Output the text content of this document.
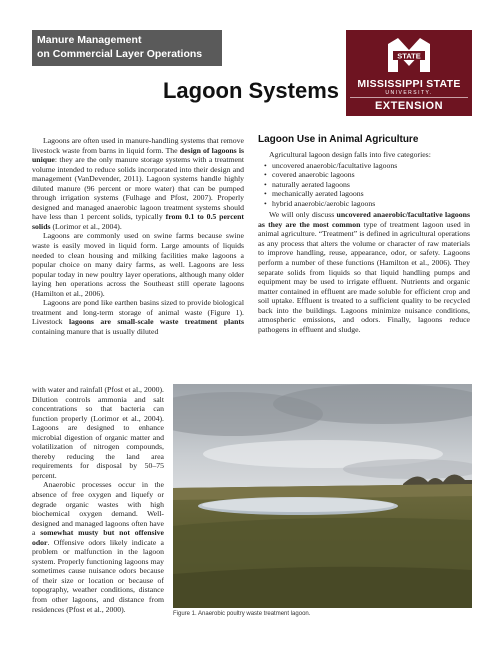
Manure Management
on Commercial Layer Operations	STATE
MISSISSIPPI STATE
UNIVERSITY.
EXTENSION
Lagoon Systems

Lagoons are often used in manure-handling systems that remove livestock waste from barns in liquid form. The design of lagoons is unique: they are the only manure storage systems with a treatment volume intended to reduce solids incorporated into their design and management (VanDevender, 2011). Lagoon systems handle highly diluted manure (96 percent or more water) that can be pumped through irrigation systems (Fulhage and Pfost, 2007). Properly designed and managed anaerobic lagoon treatment systems should have less than 1 percent solids, typically from 0.1 to 0.5 percent solids (Lorimor et al., 2004).

Lagoons are commonly used on swine farms because swine waste is easily moved in liquid form. Large amounts of liquids needed to clean housing and milking facilities make lagoons a popular choice on many dairy farms, as well. Lagoons are less popular today in new poultry layer operations, although many older laying hen operations across the Southeast still operate lagoons (Hamilton et al., 2006).

Lagoons are pond like earthen basins sized to provide biological treatment and long-term storage of animal waste (Figure 1). Livestock lagoons are small-scale waste treatment plants containing manure that is usually diluted

with water and rainfall (Pfost et al., 2000). Dilution controls ammonia and salt concentrations so that bacteria can function properly (Lorimor et al., 2004). Lagoons are designed to enhance microbial digestion of organic matter and volatilization of nitrogen compounds, thereby reducing the land area requirements for disposal by 50–75 percent.

Anaerobic processes occur in the absence of free oxygen and liquefy or degrade organic wastes with high biochemical oxygen demand. Well-designed and managed lagoons often have a somewhat musty but not offensive odor. Offensive odors likely indicate a problem or malfunction in the lagoon system. Properly functioning lagoons may sometimes cause nuisance odors because of their size or location or because of topography, weather conditions, distance from other lagoons, and distance from residences (Pfost et al., 2000).

Lagoon Use in Animal Agriculture

Agricultural lagoon design falls into five categories:

• uncovered anaerobic/facultative lagoons
• covered anaerobic lagoons
• naturally aerated lagoons
• mechanically aerated lagoons
• hybrid anaerobic/aerobic lagoons

We will only discuss uncovered anaerobic/facultative lagoons as they are the most common type of treatment lagoon used in animal agriculture. “Treatment” is defined in agricultural operations as any process that alters the volume or character of raw materials to improve handling, reuse, appearance, odor, or safety. Lagoons perform a number of these functions (Hamilton et al., 2006). They separate solids from liquids so that liquid handling pumps and equipment may be used to irrigate effluent. Nutrients and organic matter contained in effluent are made soluble for efficient crop and soil uptake. Effluent is treated to a sufficient quality to be recycled back into the buildings. Lagoons minimize nuisance conditions, atmospheric emissions, and odors. Finally, lagoons reduce pathogens in effluent and sludge.

Figure 1. Anaerobic poultry waste treatment lagoon.
